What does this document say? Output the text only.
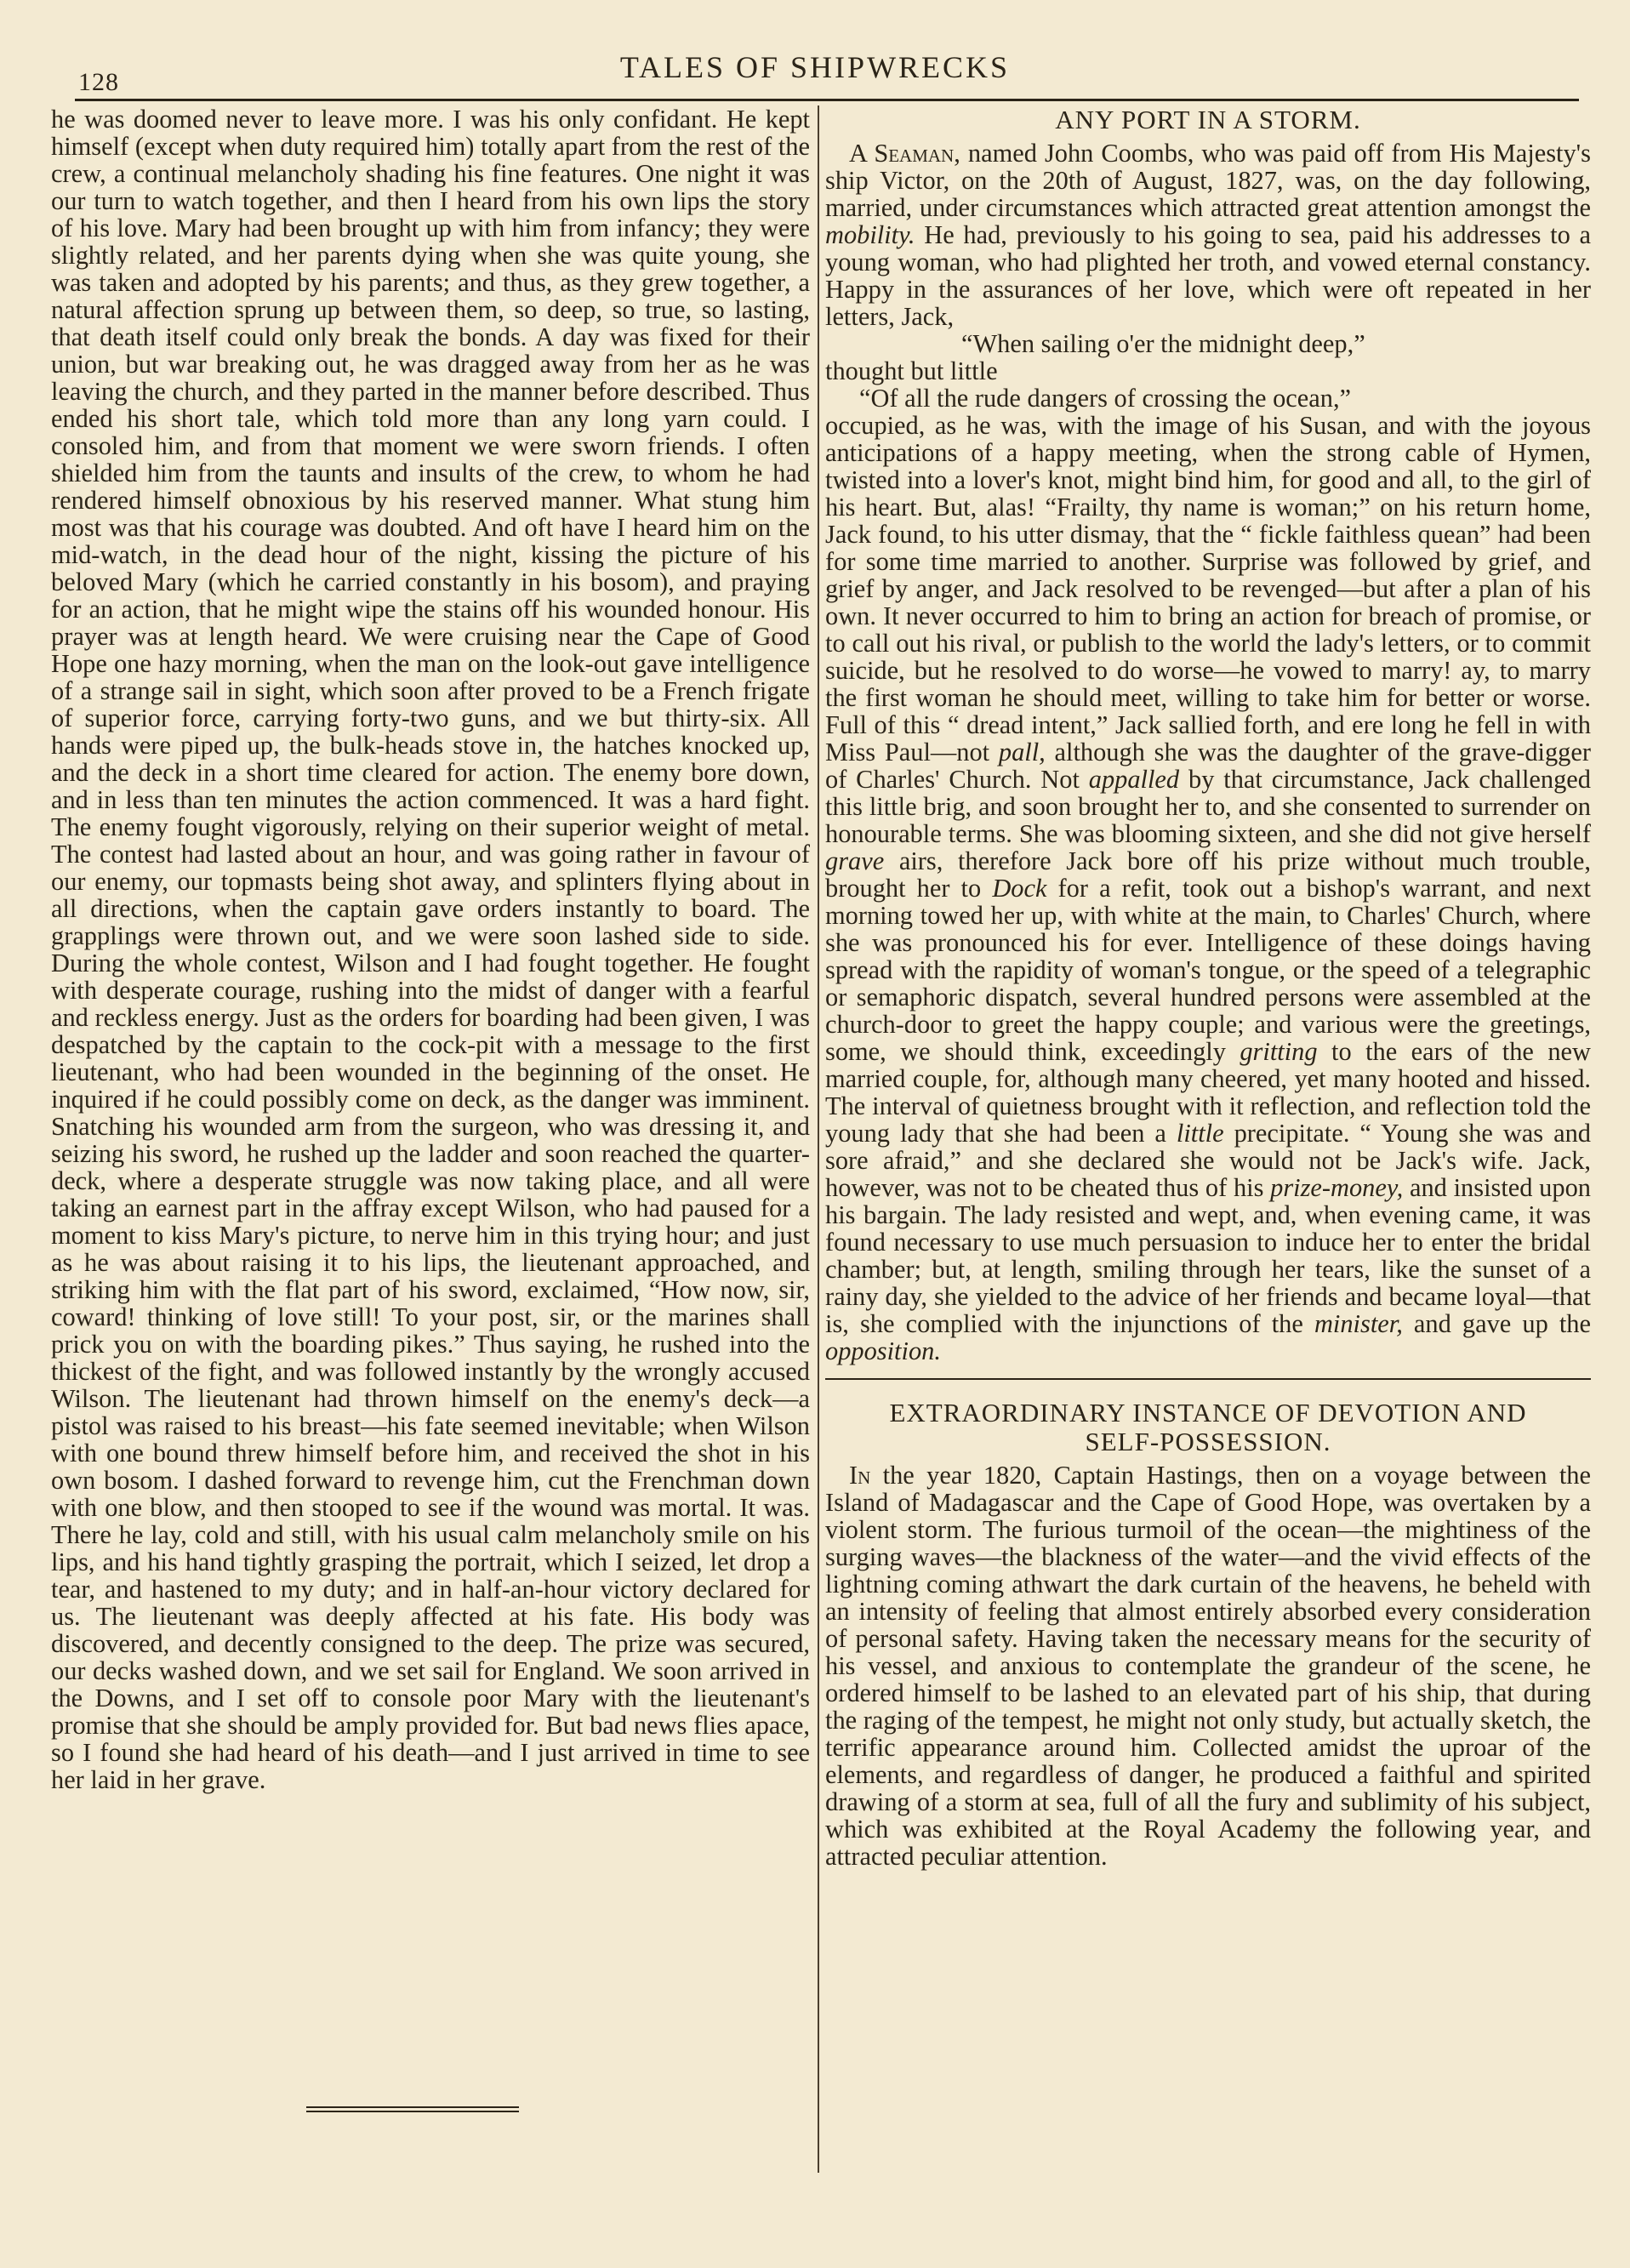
128	TALES OF SHIPWRECKS

he was doomed never to leave more. I was his only confidant. He kept himself (except when duty required him) totally apart from the rest of the crew, a continual melancholy shading his fine features. One night it was our turn to watch together, and then I heard from his own lips the story of his love. Mary had been brought up with him from infancy; they were slightly related, and her parents dying when she was quite young, she was taken and adopted by his parents; and thus, as they grew together, a natural affection sprung up between them, so deep, so true, so lasting, that death itself could only break the bonds. A day was fixed for their union, but war breaking out, he was dragged away from her as he was leaving the church, and they parted in the manner before described. Thus ended his short tale, which told more than any long yarn could. I consoled him, and from that moment we were sworn friends. I often shielded him from the taunts and insults of the crew, to whom he had rendered himself obnoxious by his reserved manner. What stung him most was that his courage was doubted. And oft have I heard him on the mid-watch, in the dead hour of the night, kissing the picture of his beloved Mary (which he carried constantly in his bosom), and praying for an action, that he might wipe the stains off his wounded honour. His prayer was at length heard. We were cruising near the Cape of Good Hope one hazy morning, when the man on the look-out gave intelligence of a strange sail in sight, which soon after proved to be a French frigate of superior force, carrying forty-two guns, and we but thirty-six. All hands were piped up, the bulk-heads stove in, the hatches knocked up, and the deck in a short time cleared for action. The enemy bore down, and in less than ten minutes the action commenced. It was a hard fight. The enemy fought vigorously, relying on their superior weight of metal. The contest had lasted about an hour, and was going rather in favour of our enemy, our topmasts being shot away, and splinters flying about in all directions, when the captain gave orders instantly to board. The grapplings were thrown out, and we were soon lashed side to side. During the whole contest, Wilson and I had fought together. He fought with desperate courage, rushing into the midst of danger with a fearful and reckless energy. Just as the orders for boarding had been given, I was despatched by the captain to the cock-pit with a message to the first lieutenant, who had been wounded in the beginning of the onset. He inquired if he could possibly come on deck, as the danger was imminent. Snatching his wounded arm from the surgeon, who was dressing it, and seizing his sword, he rushed up the ladder and soon reached the quarter-deck, where a desperate struggle was now taking place, and all were taking an earnest part in the affray except Wilson, who had paused for a moment to kiss Mary's picture, to nerve him in this trying hour; and just as he was about raising it to his lips, the lieutenant approached, and striking him with the flat part of his sword, exclaimed, “How now, sir, coward! thinking of love still! To your post, sir, or the marines shall prick you on with the boarding pikes.” Thus saying, he rushed into the thickest of the fight, and was followed instantly by the wrongly accused Wilson. The lieutenant had thrown himself on the enemy's deck—a pistol was raised to his breast—his fate seemed inevitable; when Wilson with one bound threw himself before him, and received the shot in his own bosom. I dashed forward to revenge him, cut the Frenchman down with one blow, and then stooped to see if the wound was mortal. It was. There he lay, cold and still, with his usual calm melancholy smile on his lips, and his hand tightly grasping the portrait, which I seized, let drop a tear, and hastened to my duty; and in half-an-hour victory declared for us. The lieutenant was deeply affected at his fate. His body was discovered, and decently consigned to the deep. The prize was secured, our decks washed down, and we set sail for England. We soon arrived in the Downs, and I set off to console poor Mary with the lieutenant's promise that she should be amply provided for. But bad news flies apace, so I found she had heard of his death—and I just arrived in time to see her laid in her grave.

ANY PORT IN A STORM.

A Seaman, named John Coombs, who was paid off from His Majesty's ship Victor, on the 20th of August, 1827, was, on the day following, married, under circumstances which attracted great attention amongst the mobility. He had, previously to his going to sea, paid his addresses to a young woman, who had plighted her troth, and vowed eternal constancy. Happy in the assurances of her love, which were oft repeated in her letters, Jack,

“When sailing o'er the midnight deep,”

thought but little

“Of all the rude dangers of crossing the ocean,”

occupied, as he was, with the image of his Susan, and with the joyous anticipations of a happy meeting, when the strong cable of Hymen, twisted into a lover's knot, might bind him, for good and all, to the girl of his heart. But, alas! “Frailty, thy name is woman;” on his return home, Jack found, to his utter dismay, that the “ fickle faithless quean” had been for some time married to another. Surprise was followed by grief, and grief by anger, and Jack resolved to be revenged—but after a plan of his own. It never occurred to him to bring an action for breach of promise, or to call out his rival, or publish to the world the lady's letters, or to commit suicide, but he resolved to do worse—he vowed to marry! ay, to marry the first woman he should meet, willing to take him for better or worse. Full of this “ dread intent,” Jack sallied forth, and ere long he fell in with Miss Paul—not pall, although she was the daughter of the grave-digger of Charles' Church. Not appalled by that circumstance, Jack challenged this little brig, and soon brought her to, and she consented to surrender on honourable terms. She was blooming sixteen, and she did not give herself grave airs, therefore Jack bore off his prize without much trouble, brought her to Dock for a refit, took out a bishop's warrant, and next morning towed her up, with white at the main, to Charles' Church, where she was pronounced his for ever. Intelligence of these doings having spread with the rapidity of woman's tongue, or the speed of a telegraphic or semaphoric dispatch, several hundred persons were assembled at the church-door to greet the happy couple; and various were the greetings, some, we should think, exceedingly gritting to the ears of the new married couple, for, although many cheered, yet many hooted and hissed. The interval of quietness brought with it reflection, and reflection told the young lady that she had been a little precipitate. “ Young she was and sore afraid,” and she declared she would not be Jack's wife. Jack, however, was not to be cheated thus of his prize-money, and insisted upon his bargain. The lady resisted and wept, and, when evening came, it was found necessary to use much persuasion to induce her to enter the bridal chamber; but, at length, smiling through her tears, like the sunset of a rainy day, she yielded to the advice of her friends and became loyal—that is, she complied with the injunctions of the minister, and gave up the opposition.

EXTRAORDINARY INSTANCE OF DEVOTION AND
SELF-POSSESSION.

In the year 1820, Captain Hastings, then on a voyage between the Island of Madagascar and the Cape of Good Hope, was overtaken by a violent storm. The furious turmoil of the ocean—the mightiness of the surging waves—the blackness of the water—and the vivid effects of the lightning coming athwart the dark curtain of the heavens, he beheld with an intensity of feeling that almost entirely absorbed every consideration of personal safety. Having taken the necessary means for the security of his vessel, and anxious to contemplate the grandeur of the scene, he ordered himself to be lashed to an elevated part of his ship, that during the raging of the tempest, he might not only study, but actually sketch, the terrific appearance around him. Collected amidst the uproar of the elements, and regardless of danger, he produced a faithful and spirited drawing of a storm at sea, full of all the fury and sublimity of his subject, which was exhibited at the Royal Academy the following year, and attracted peculiar attention.
